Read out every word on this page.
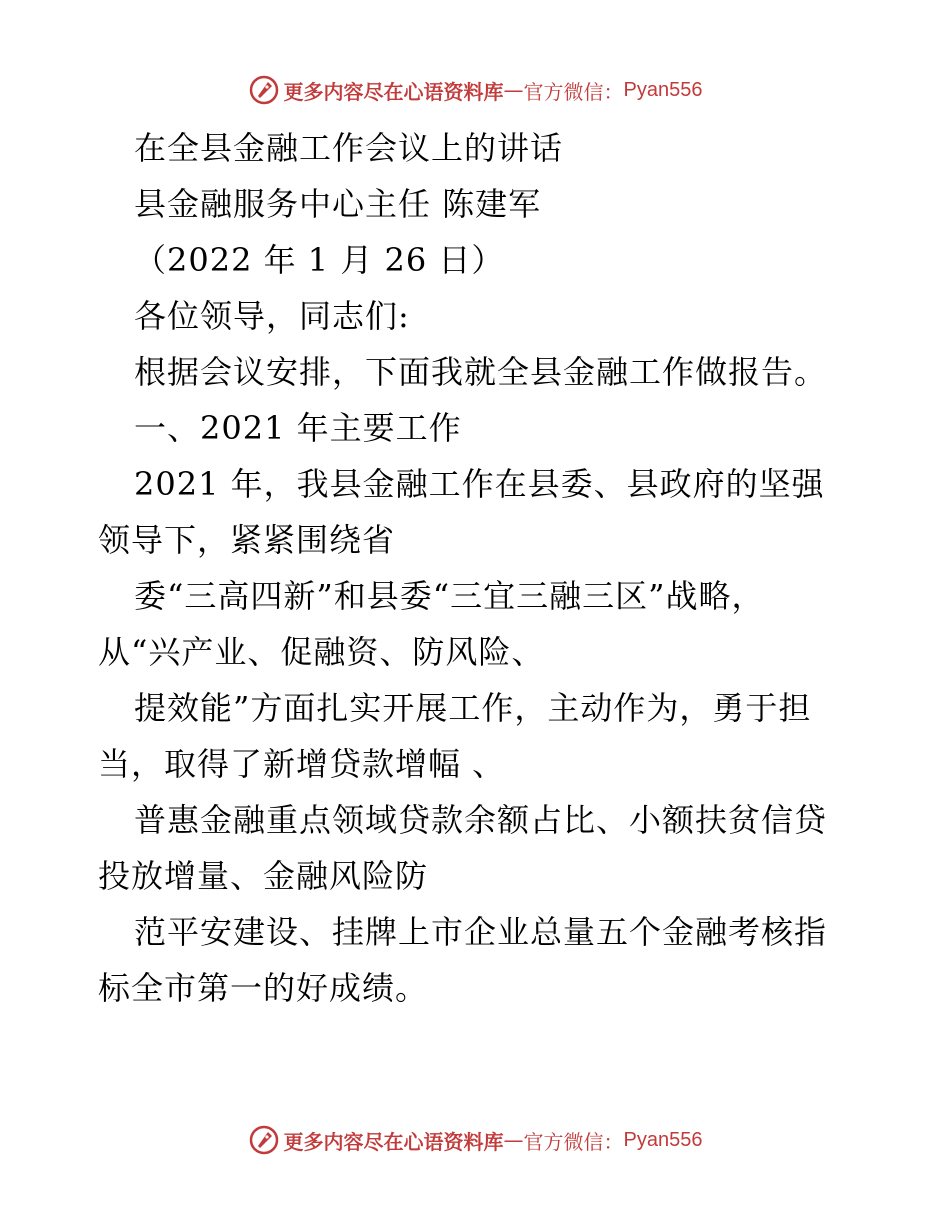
更多内容尽在心语资料库 — 官方微信： Pyan556
在全县金融工作会议上的讲话
县金融服务中心主任 陈建军
（2022 年 1 月 26 日）
各位领导，同志们:
根据会议安排，下面我就全县金融工作做报告。
一、2021 年主要工作
2021 年，我县金融工作在县委、县政府的坚强
领导下，紧紧围绕省
委“三高四新”和县委“三宜三融三区”战略，
从“兴产业、促融资、防风险、
提效能”方面扎实开展工作，主动作为，勇于担
当，取得了新增贷款增幅 、
普惠金融重点领域贷款余额占比、小额扶贫信贷
投放增量、金融风险防
范平安建设、挂牌上市企业总量五个金融考核指
标全市第一的好成绩。
更多内容尽在心语资料库 — 官方微信： Pyan556
